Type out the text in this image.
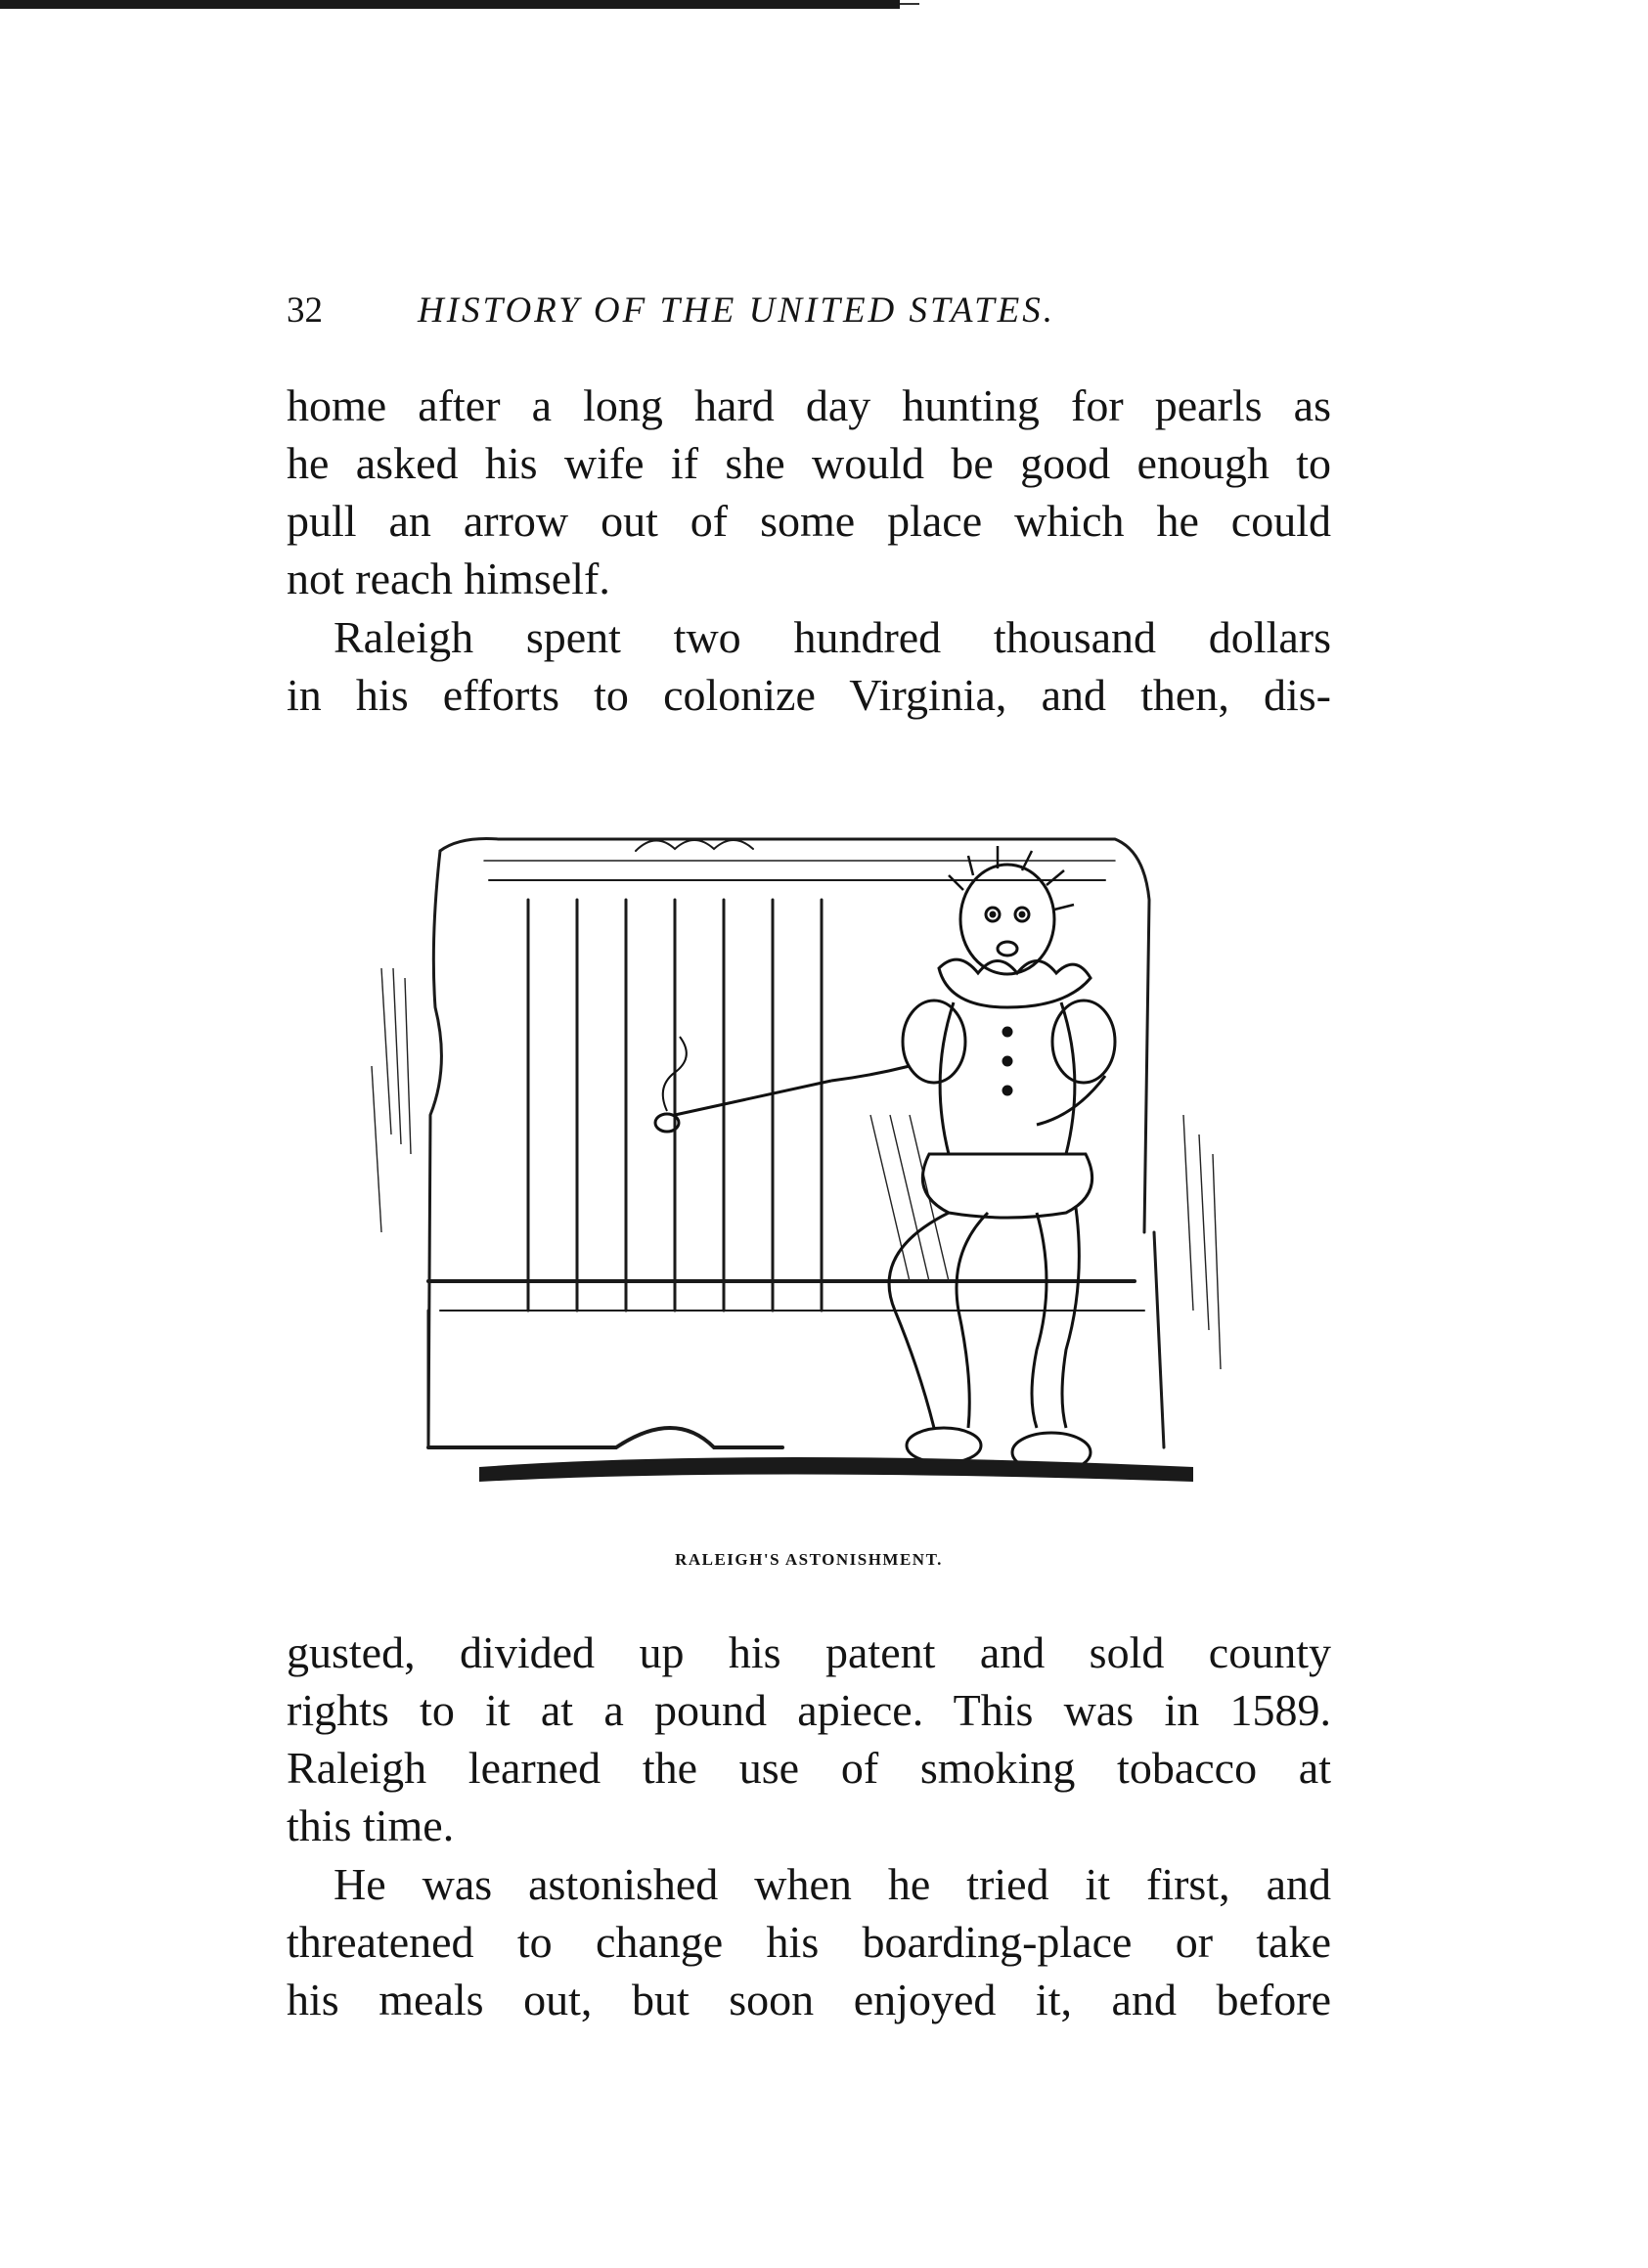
32	HISTORY OF THE UNITED STATES.

home after a long hard day hunting for pearls as
he asked his wife if she would be good enough to
pull an arrow out of some place which he could
not reach himself.

Raleigh spent two hundred thousand dollars
in his efforts to colonize Virginia, and then, dis-

RALEIGH'S ASTONISHMENT.

gusted, divided up his patent and sold county
rights to it at a pound apiece. This was in 1589.
Raleigh learned the use of smoking tobacco at
this time.

He was astonished when he tried it first, and
threatened to change his boarding-place or take
his meals out, but soon enjoyed it, and before
